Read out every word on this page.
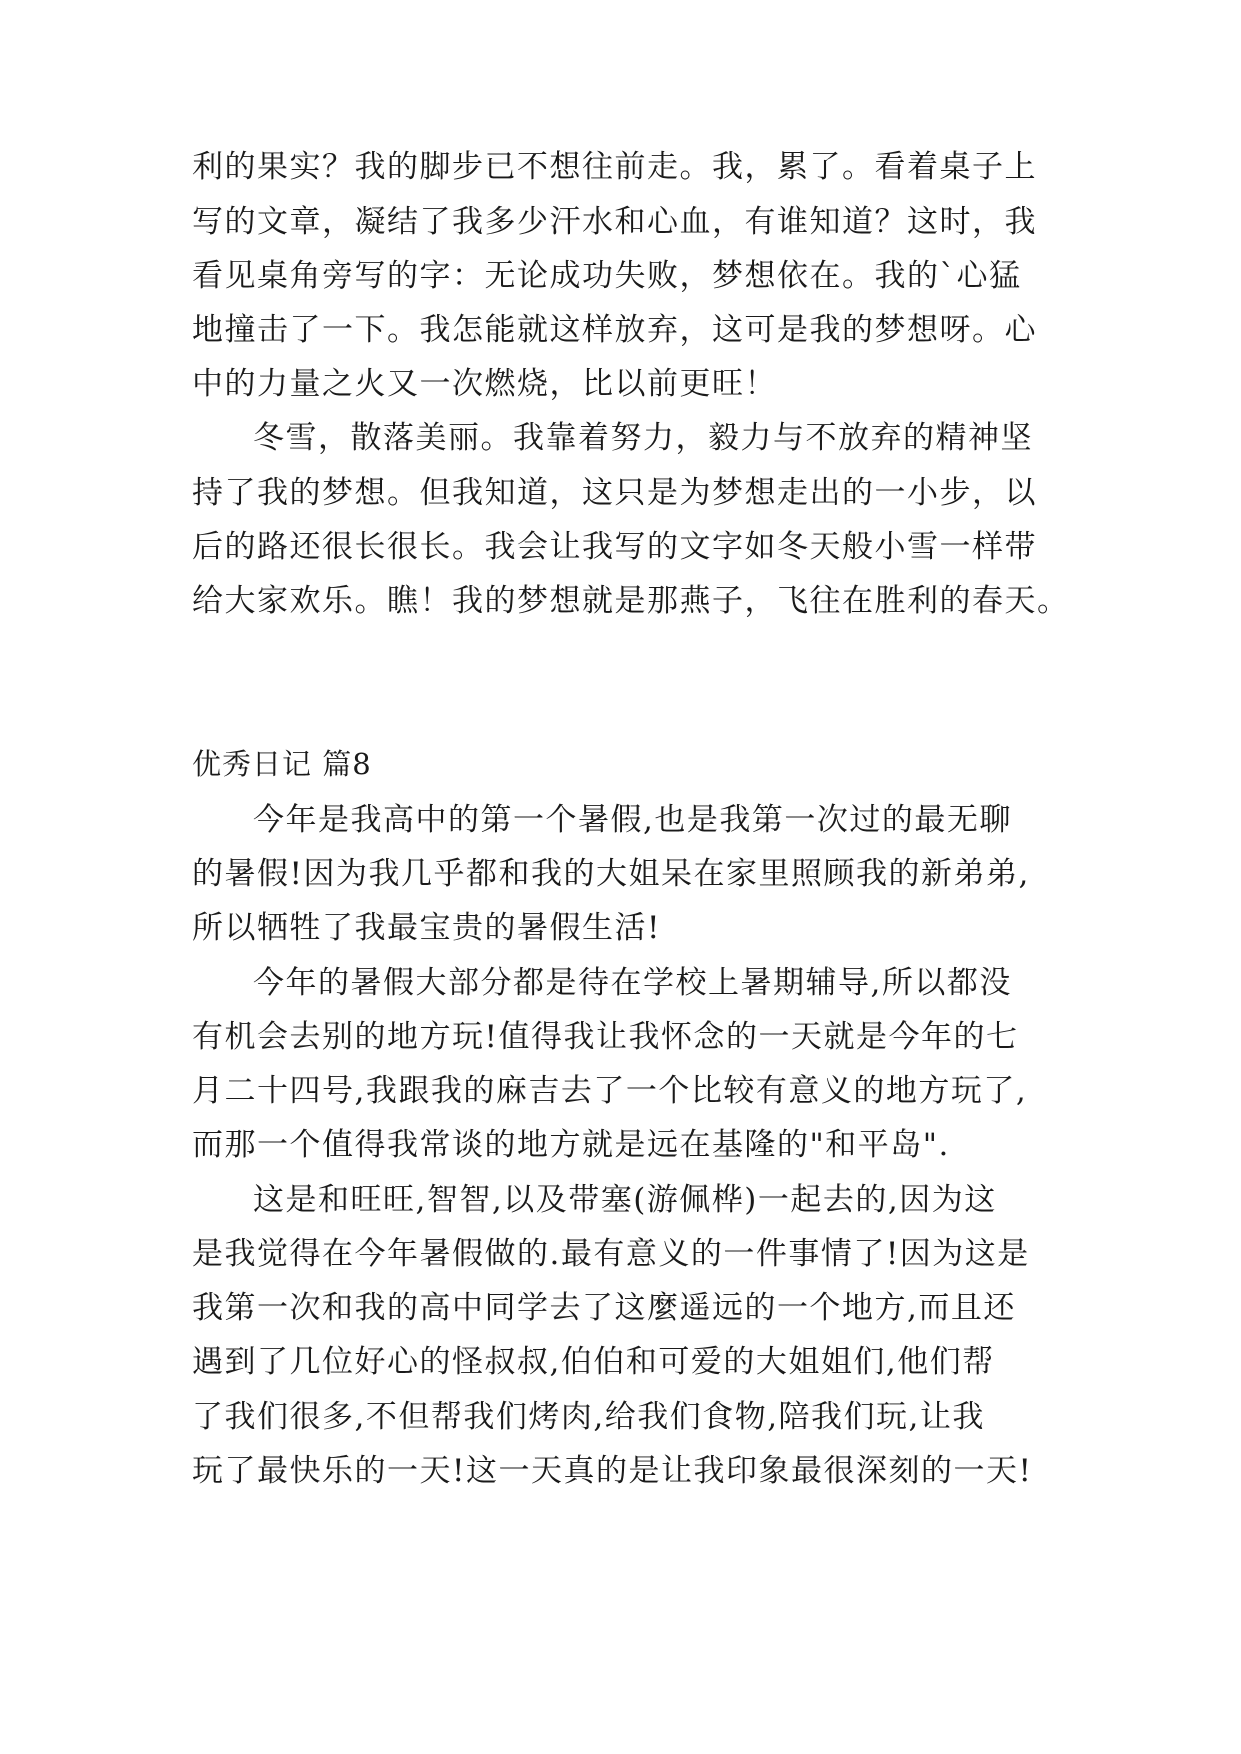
利的果实？我的脚步已不想往前走。我，累了。看着桌子上
写的文章，凝结了我多少汗水和心血，有谁知道？这时，我
看见桌角旁写的字：无论成功失败，梦想依在。我的`心猛
地撞击了一下。我怎能就这样放弃，这可是我的梦想呀。心
中的力量之火又一次燃烧，比以前更旺！
冬雪，散落美丽。我靠着努力，毅力与不放弃的精神坚
持了我的梦想。但我知道，这只是为梦想走出的一小步，以
后的路还很长很长。我会让我写的文字如冬天般小雪一样带
给大家欢乐。瞧！我的梦想就是那燕子，飞往在胜利的春天。
优秀日记 篇8
今年是我高中的第一个暑假,也是我第一次过的最无聊
的暑假!因为我几乎都和我的大姐呆在家里照顾我的新弟弟,
所以牺牲了我最宝贵的暑假生活!
今年的暑假大部分都是待在学校上暑期辅导,所以都没
有机会去别的地方玩!值得我让我怀念的一天就是今年的七
月二十四号,我跟我的麻吉去了一个比较有意义的地方玩了,
而那一个值得我常谈的地方就是远在基隆的"和平岛".
这是和旺旺,智智,以及带塞(游佩桦)一起去的,因为这
是我觉得在今年暑假做的.最有意义的一件事情了!因为这是
我第一次和我的高中同学去了这麼遥远的一个地方,而且还
遇到了几位好心的怪叔叔,伯伯和可爱的大姐姐们,他们帮
了我们很多,不但帮我们烤肉,给我们食物,陪我们玩,让我
玩了最快乐的一天!这一天真的是让我印象最很深刻的一天!
